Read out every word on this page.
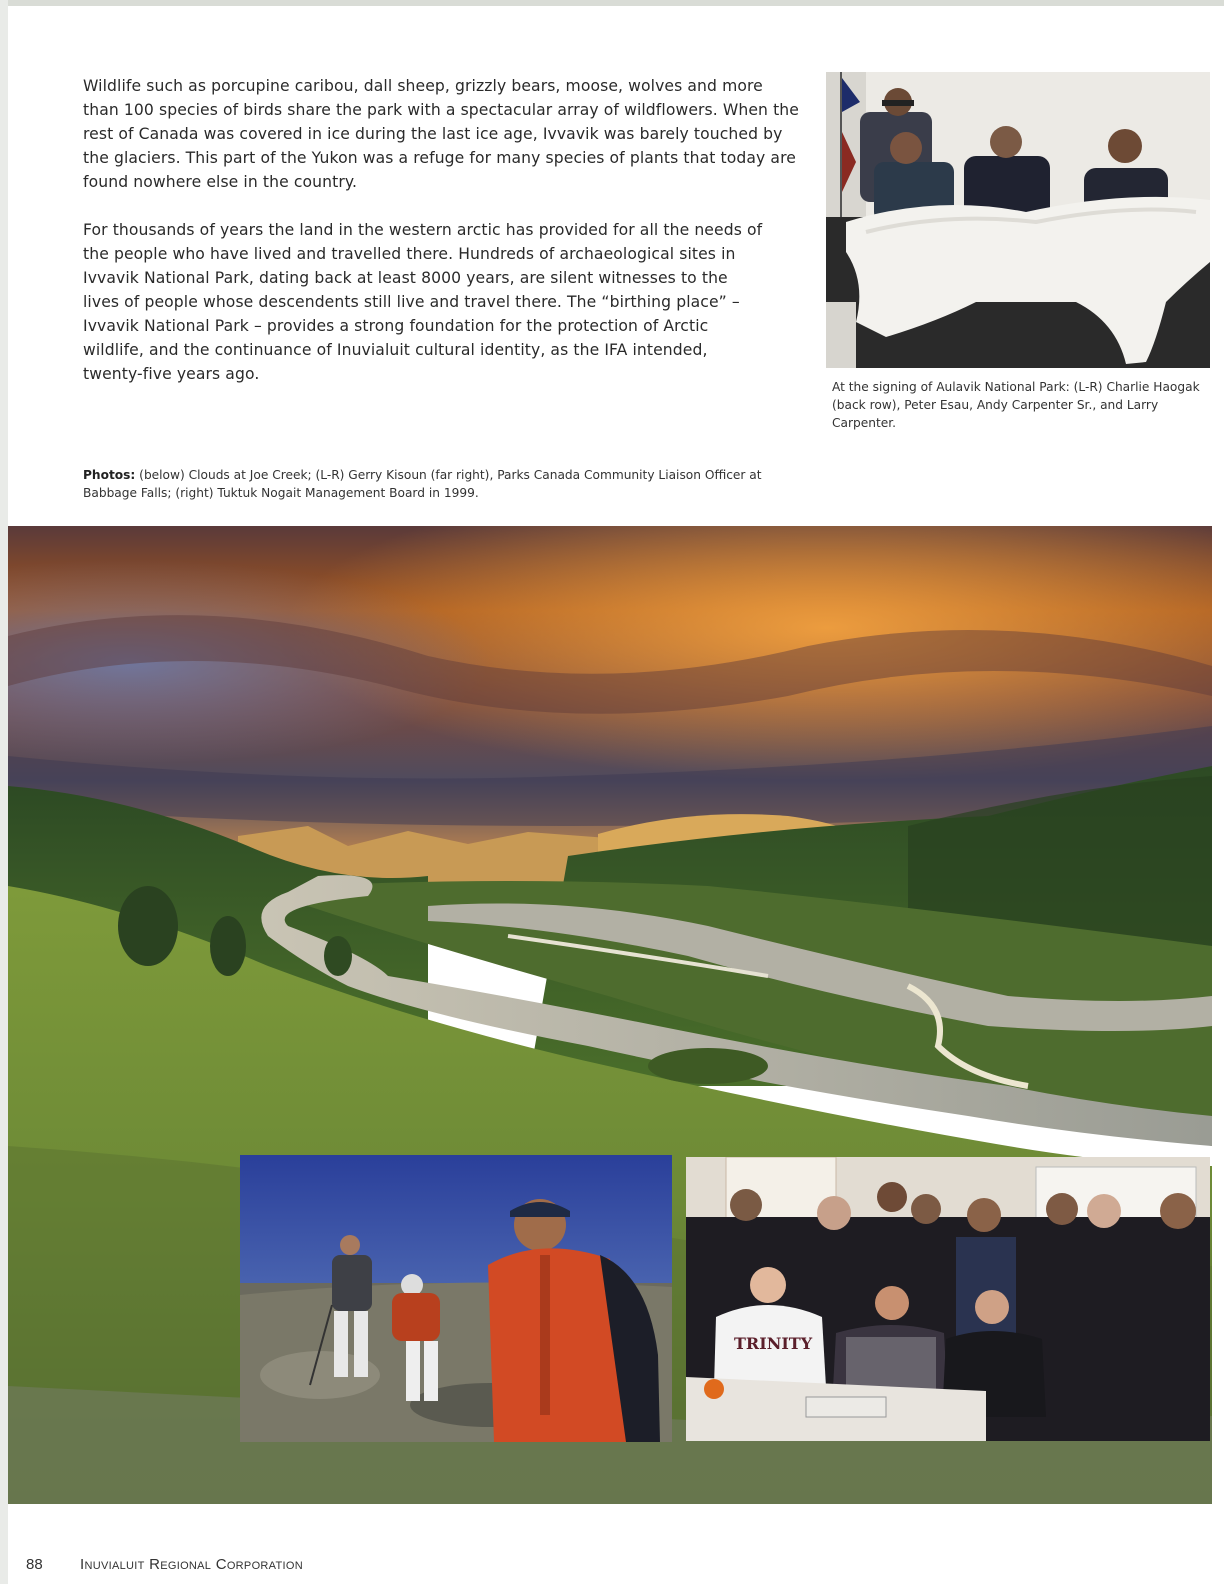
Wildlife such as porcupine caribou, dall sheep, grizzly bears, moose, wolves and more than 100 species of birds share the park with a spectacular array of wildflowers. When the rest of Canada was covered in ice during the last ice age, Ivvavik was barely touched by the glaciers. This part of the Yukon was a refuge for many species of plants that today are found nowhere else in the country.

For thousands of years the land in the western arctic has provided for all the needs of the people who have lived and travelled there. Hundreds of archaeological sites in Ivvavik National Park, dating back at least 8000 years, are silent witnesses to the lives of people whose descendents still live and travel there. The “birthing place” – Ivvavik National Park – provides a strong foundation for the protection of Arctic wildlife, and the continuance of Inuvialuit cultural identity, as the IFA intended, twenty-five years ago.

At the signing of Aulavik National Park: (L-R) Charlie Haogak (back row), Peter Esau, Andy Carpenter Sr., and Larry Carpenter.

Photos: (below) Clouds at Joe Creek; (L-R) Gerry Kisoun (far right), Parks Canada Community Liaison Officer at Babbage Falls; (right) Tuktuk Nogait Management Board in 1999.

TRINITY
88 Inuvialuit Regional Corporation
